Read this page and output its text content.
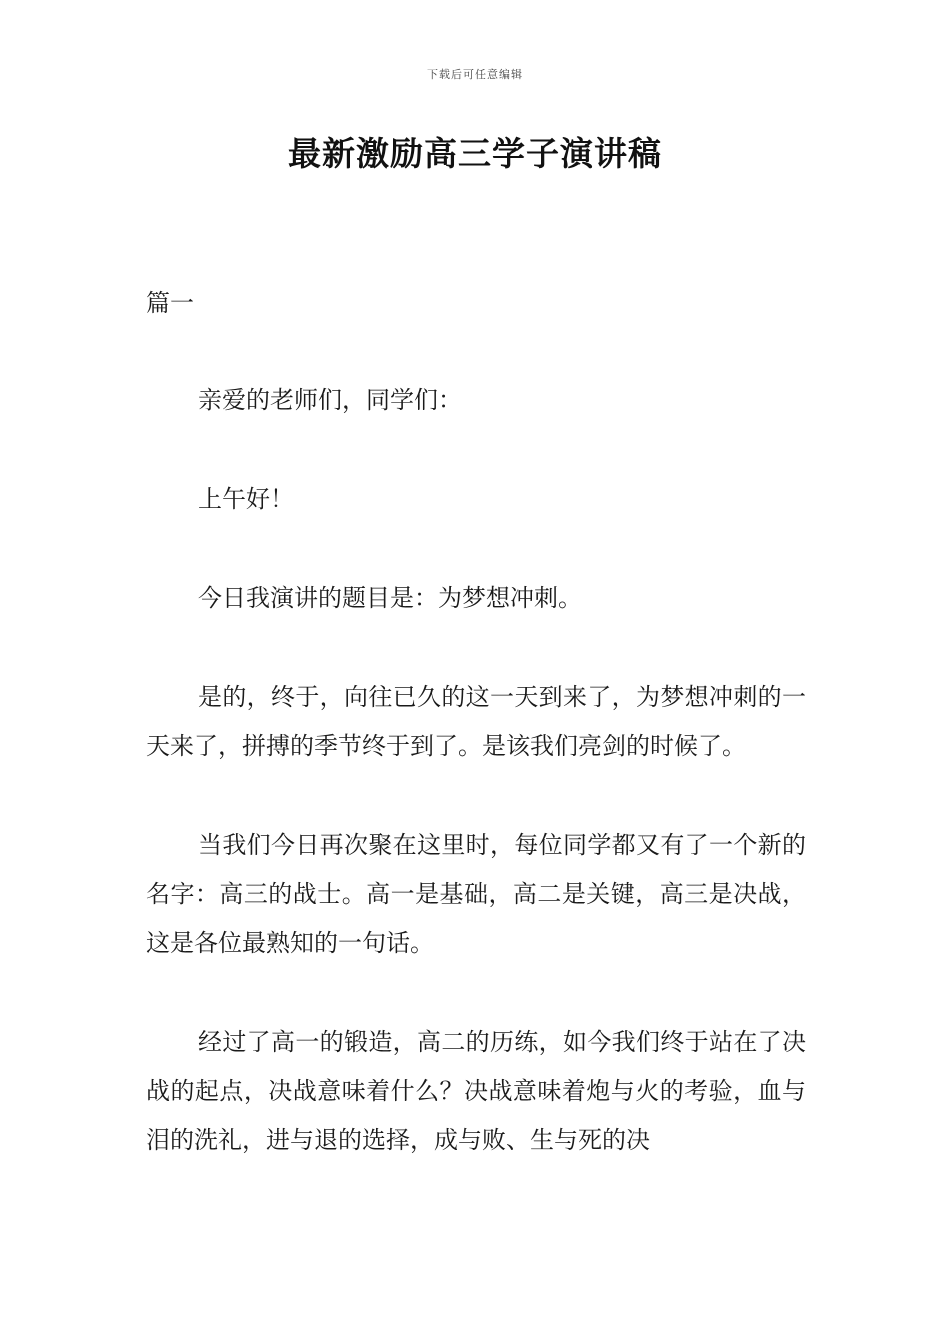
下载后可任意编辑
最新激励高三学子演讲稿

篇一

亲爱的老师们，同学们：

上午好！

今日我演讲的题目是：为梦想冲刺。

是的，终于，向往已久的这一天到来了，为梦想冲刺的一天来了，拼搏的季节终于到了。是该我们亮剑的时候了。

当我们今日再次聚在这里时，每位同学都又有了一个新的名字：高三的战士。高一是基础，高二是关键，高三是决战，这是各位最熟知的一句话。

经过了高一的锻造，高二的历练，如今我们终于站在了决战的起点，决战意味着什么？决战意味着炮与火的考验，血与泪的洗礼，进与退的选择，成与败、生与死的决
